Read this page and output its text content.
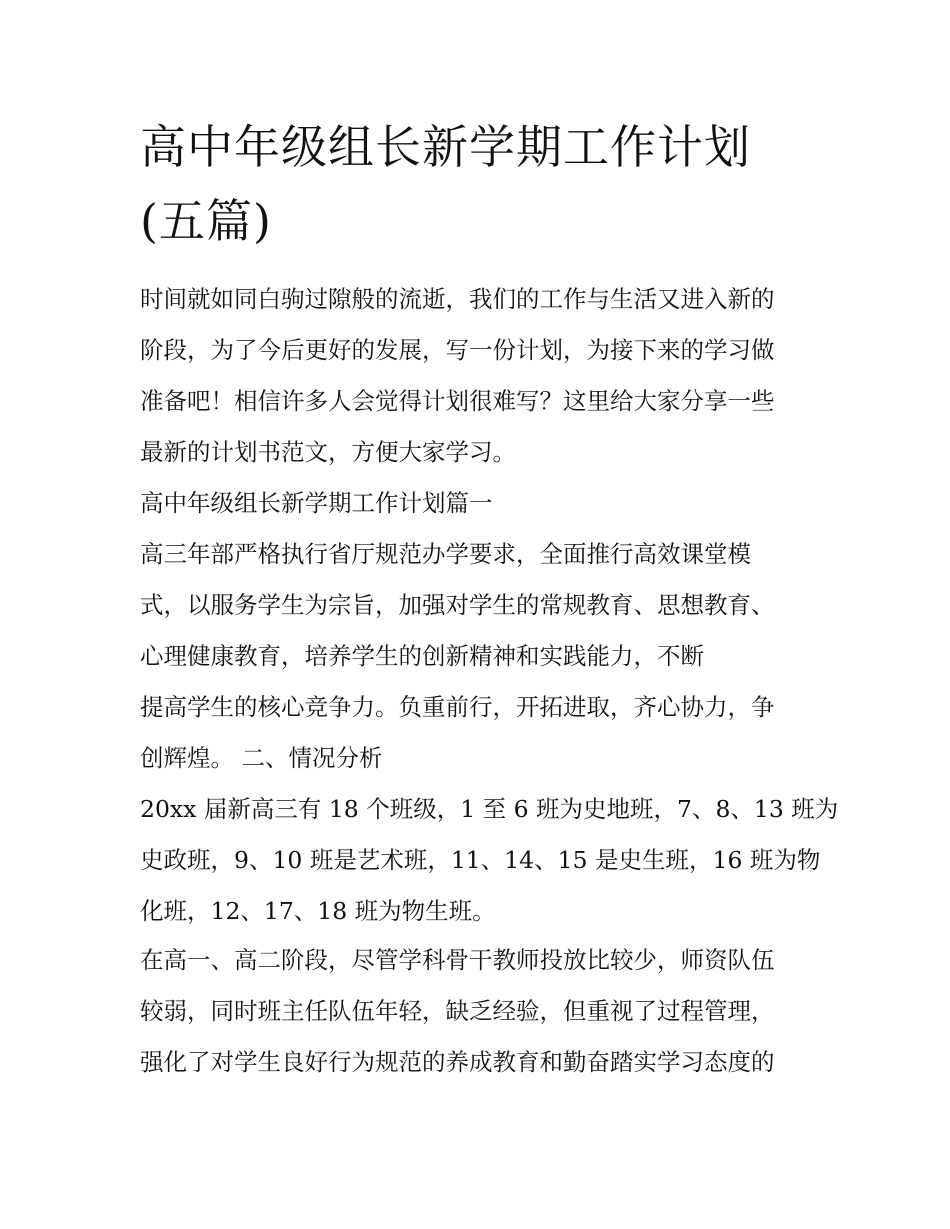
高中年级组长新学期工作计划
(五篇)

时间就如同白驹过隙般的流逝，我们的工作与生活又进入新的
阶段，为了今后更好的发展，写一份计划，为接下来的学习做
准备吧！相信许多人会觉得计划很难写？这里给大家分享一些
最新的计划书范文，方便大家学习。

高中年级组长新学期工作计划篇一

高三年部严格执行省厅规范办学要求，全面推行高效课堂模
式，以服务学生为宗旨，加强对学生的常规教育、思想教育、
心理健康教育，培养学生的创新精神和实践能力，不断
提高学生的核心竞争力。负重前行，开拓进取，齐心协力，争
创辉煌。 二、情况分析

20xx 届新高三有 18 个班级，1 至 6 班为史地班，7、8、13 班为
史政班，9、10 班是艺术班，11、14、15 是史生班，16 班为物
化班，12、17、18 班为物生班。

在高一、高二阶段，尽管学科骨干教师投放比较少，师资队伍
较弱，同时班主任队伍年轻，缺乏经验，但重视了过程管理，
强化了对学生良好行为规范的养成教育和勤奋踏实学习态度的
